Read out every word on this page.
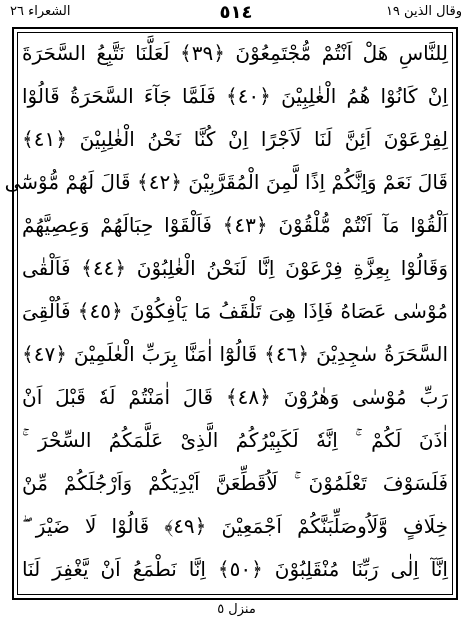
الشعراء ٢٦	٥١٤	وقال الذين ١٩
لِلنَّاسِ هَلْ اَنْتُمْ مُّجْتَمِعُوْنَ ﴿٣٩﴾ لَعَلَّنَا نَتَّبِعُ السَّحَرَةَ
اِنْ كَانُوْا هُمُ الْغٰلِبِيْنَ ﴿٤٠﴾ فَلَمَّا جَآءَ السَّحَرَةُ قَالُوْا
لِفِرْعَوْنَ اَئِنَّ لَنَا لَاَجْرًا اِنْ كُنَّا نَحْنُ الْغٰلِبِيْنَ ﴿٤١﴾
قَالَ نَعَمْ وَاِنَّكُمْ اِذًا لَّمِنَ الْمُقَرَّبِيْنَ ﴿٤٢﴾ قَالَ لَهُمْ مُّوْسٰٓى
اَلْقُوْا مَآ اَنْتُمْ مُّلْقُوْنَ ﴿٤٣﴾ فَاَلْقَوْا حِبَالَهُمْ وَعِصِيَّهُمْ
وَقَالُوْا بِعِزَّةِ فِرْعَوْنَ اِنَّا لَنَحْنُ الْغٰلِبُوْنَ ﴿٤٤﴾ فَاَلْقٰى
مُوْسٰى عَصَاهُ فَاِذَا هِىَ تَلْقَفُ مَا يَاْفِكُوْنَ ﴿٤٥﴾ فَاُلْقِىَ
السَّحَرَةُ سٰجِدِيْنَ ﴿٤٦﴾ قَالُوْٓا اٰمَنَّا بِرَبِّ الْعٰلَمِيْنَ ﴿٤٧﴾
رَبِّ مُوْسٰى وَهٰرُوْنَ ﴿٤٨﴾ قَالَ اٰمَنْتُمْ لَهٗ قَبْلَ اَنْ
اٰذَنَ لَكُمْ ۚ اِنَّهٗ لَكَبِيْرُكُمُ الَّذِىْ عَلَّمَكُمُ السِّحْرَ ۚ
فَلَسَوْفَ تَعْلَمُوْنَ ۚ لَاُقَطِّعَنَّ اَيْدِيَكُمْ وَاَرْجُلَكُمْ مِّنْ
خِلَافٍ وَّلَاُوصَلِّبَنَّكُمْ اَجْمَعِيْنَ ﴿٤٩﴾ قَالُوْا لَا ضَيْرَ ۖ
اِنَّآ اِلٰى رَبِّنَا مُنْقَلِبُوْنَ ﴿٥٠﴾ اِنَّا نَطْمَعُ اَنْ يَّغْفِرَ لَنَا
منزل ٥
